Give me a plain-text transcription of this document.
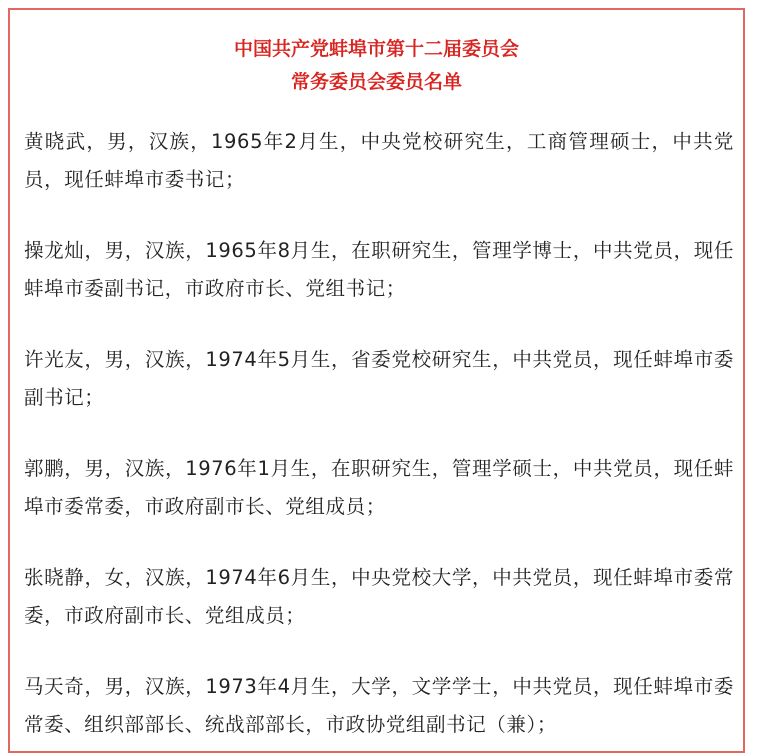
中国共产党蚌埠市第十二届委员会
常务委员会委员名单
黄晓武，男，汉族，1965年2月生，中央党校研究生，工商管理硕士，中共党员，现任蚌埠市委书记；
操龙灿，男，汉族，1965年8月生，在职研究生，管理学博士，中共党员，现任蚌埠市委副书记，市政府市长、党组书记；
许光友，男，汉族，1974年5月生，省委党校研究生，中共党员，现任蚌埠市委副书记；
郭鹏，男，汉族，1976年1月生，在职研究生，管理学硕士，中共党员，现任蚌埠市委常委，市政府副市长、党组成员；
张晓静，女，汉族，1974年6月生，中央党校大学，中共党员，现任蚌埠市委常委，市政府副市长、党组成员；
马天奇，男，汉族，1973年4月生，大学，文学学士，中共党员，现任蚌埠市委常委、组织部部长、统战部部长，市政协党组副书记（兼）；
